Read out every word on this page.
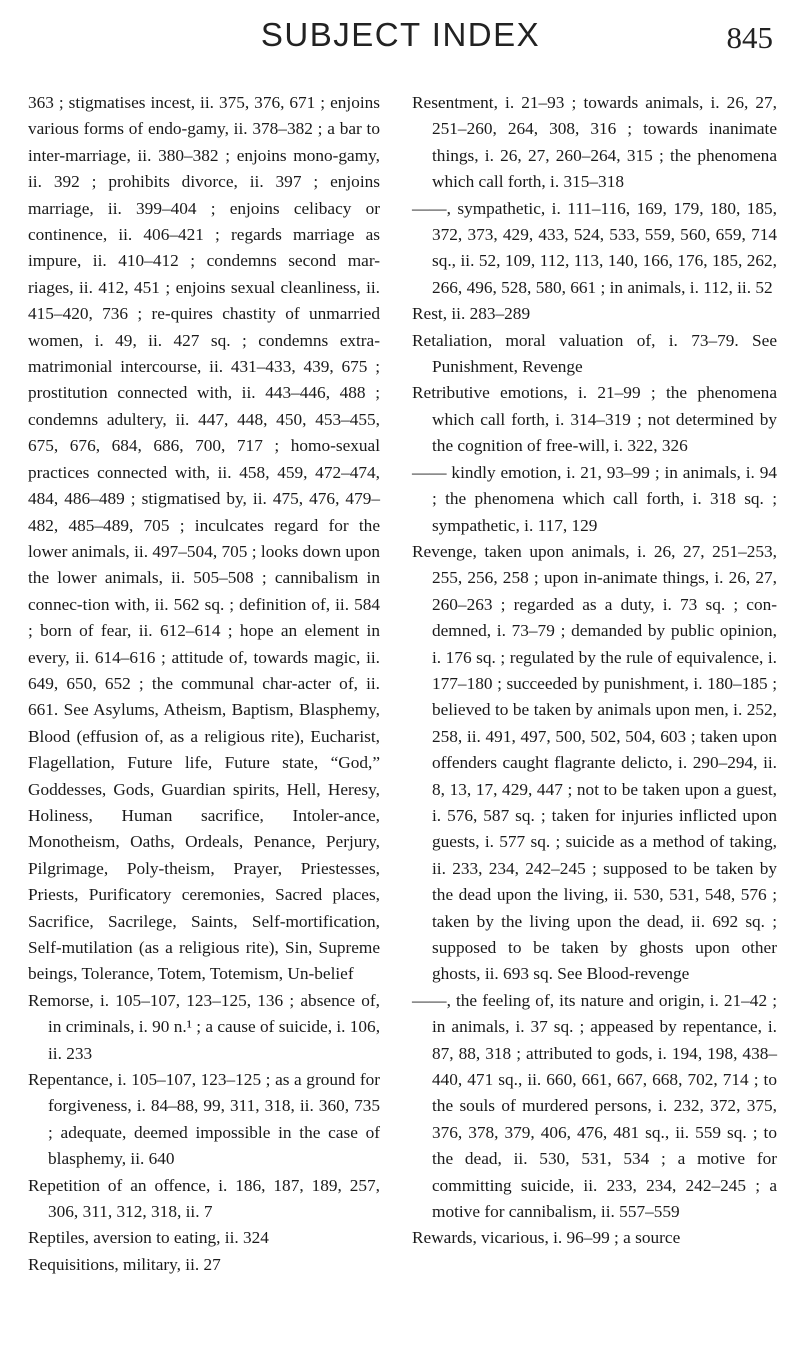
SUBJECT INDEX	845

363 ; stigmatises incest, ii. 375, 376, 671 ; enjoins various forms of endo-gamy, ii. 378–382 ; a bar to inter-marriage, ii. 380–382 ; enjoins mono-gamy, ii. 392 ; prohibits divorce, ii. 397 ; enjoins marriage, ii. 399–404 ; enjoins celibacy or continence, ii. 406–421 ; regards marriage as impure, ii. 410–412 ; condemns second mar-riages, ii. 412, 451 ; enjoins sexual cleanliness, ii. 415–420, 736 ; re-quires chastity of unmarried women, i. 49, ii. 427 sq. ; condemns extra-matrimonial intercourse, ii. 431–433, 439, 675 ; prostitution connected with, ii. 443–446, 488 ; condemns adultery, ii. 447, 448, 450, 453–455, 675, 676, 684, 686, 700, 717 ; homo-sexual practices connected with, ii. 458, 459, 472–474, 484, 486–489 ; stigmatised by, ii. 475, 476, 479–482, 485–489, 705 ; inculcates regard for the lower animals, ii. 497–504, 705 ; looks down upon the lower animals, ii. 505–508 ; cannibalism in connec-tion with, ii. 562 sq. ; definition of, ii. 584 ; born of fear, ii. 612–614 ; hope an element in every, ii. 614–616 ; attitude of, towards magic, ii. 649, 650, 652 ; the communal char-acter of, ii. 661. See Asylums, Atheism, Baptism, Blasphemy, Blood (effusion of, as a religious rite), Eucharist, Flagellation, Future life, Future state, “God,” Goddesses, Gods, Guardian spirits, Hell, Heresy, Holiness, Human sacrifice, Intoler-ance, Monotheism, Oaths, Ordeals, Penance, Perjury, Pilgrimage, Poly-theism, Prayer, Priestesses, Priests, Purificatory ceremonies, Sacred places, Sacrifice, Sacrilege, Saints, Self-mortification, Self-mutilation (as a religious rite), Sin, Supreme beings, Tolerance, Totem, Totemism, Un-belief

Remorse, i. 105–107, 123–125, 136 ; absence of, in criminals, i. 90 n.¹ ; a cause of suicide, i. 106, ii. 233

Repentance, i. 105–107, 123–125 ; as a ground for forgiveness, i. 84–88, 99, 311, 318, ii. 360, 735 ; adequate, deemed impossible in the case of blasphemy, ii. 640

Repetition of an offence, i. 186, 187, 189, 257, 306, 311, 312, 318, ii. 7

Reptiles, aversion to eating, ii. 324

Requisitions, military, ii. 27

Resentment, i. 21–93 ; towards animals, i. 26, 27, 251–260, 264, 308, 316 ; towards inanimate things, i. 26, 27, 260–264, 315 ; the phenomena which call forth, i. 315–318

——, sympathetic, i. 111–116, 169, 179, 180, 185, 372, 373, 429, 433, 524, 533, 559, 560, 659, 714 sq., ii. 52, 109, 112, 113, 140, 166, 176, 185, 262, 266, 496, 528, 580, 661 ; in animals, i. 112, ii. 52

Rest, ii. 283–289

Retaliation, moral valuation of, i. 73–79. See Punishment, Revenge

Retributive emotions, i. 21–99 ; the phenomena which call forth, i. 314–319 ; not determined by the cognition of free-will, i. 322, 326

—— kindly emotion, i. 21, 93–99 ; in animals, i. 94 ; the phenomena which call forth, i. 318 sq. ; sympathetic, i. 117, 129

Revenge, taken upon animals, i. 26, 27, 251–253, 255, 256, 258 ; upon in-animate things, i. 26, 27, 260–263 ; regarded as a duty, i. 73 sq. ; con-demned, i. 73–79 ; demanded by public opinion, i. 176 sq. ; regulated by the rule of equivalence, i. 177–180 ; succeeded by punishment, i. 180–185 ; believed to be taken by animals upon men, i. 252, 258, ii. 491, 497, 500, 502, 504, 603 ; taken upon offenders caught flagrante delicto, i. 290–294, ii. 8, 13, 17, 429, 447 ; not to be taken upon a guest, i. 576, 587 sq. ; taken for injuries inflicted upon guests, i. 577 sq. ; suicide as a method of taking, ii. 233, 234, 242–245 ; supposed to be taken by the dead upon the living, ii. 530, 531, 548, 576 ; taken by the living upon the dead, ii. 692 sq. ; supposed to be taken by ghosts upon other ghosts, ii. 693 sq. See Blood-revenge

——, the feeling of, its nature and origin, i. 21–42 ; in animals, i. 37 sq. ; appeased by repentance, i. 87, 88, 318 ; attributed to gods, i. 194, 198, 438–440, 471 sq., ii. 660, 661, 667, 668, 702, 714 ; to the souls of murdered persons, i. 232, 372, 375, 376, 378, 379, 406, 476, 481 sq., ii. 559 sq. ; to the dead, ii. 530, 531, 534 ; a motive for committing suicide, ii. 233, 234, 242–245 ; a motive for cannibalism, ii. 557–559

Rewards, vicarious, i. 96–99 ; a source
